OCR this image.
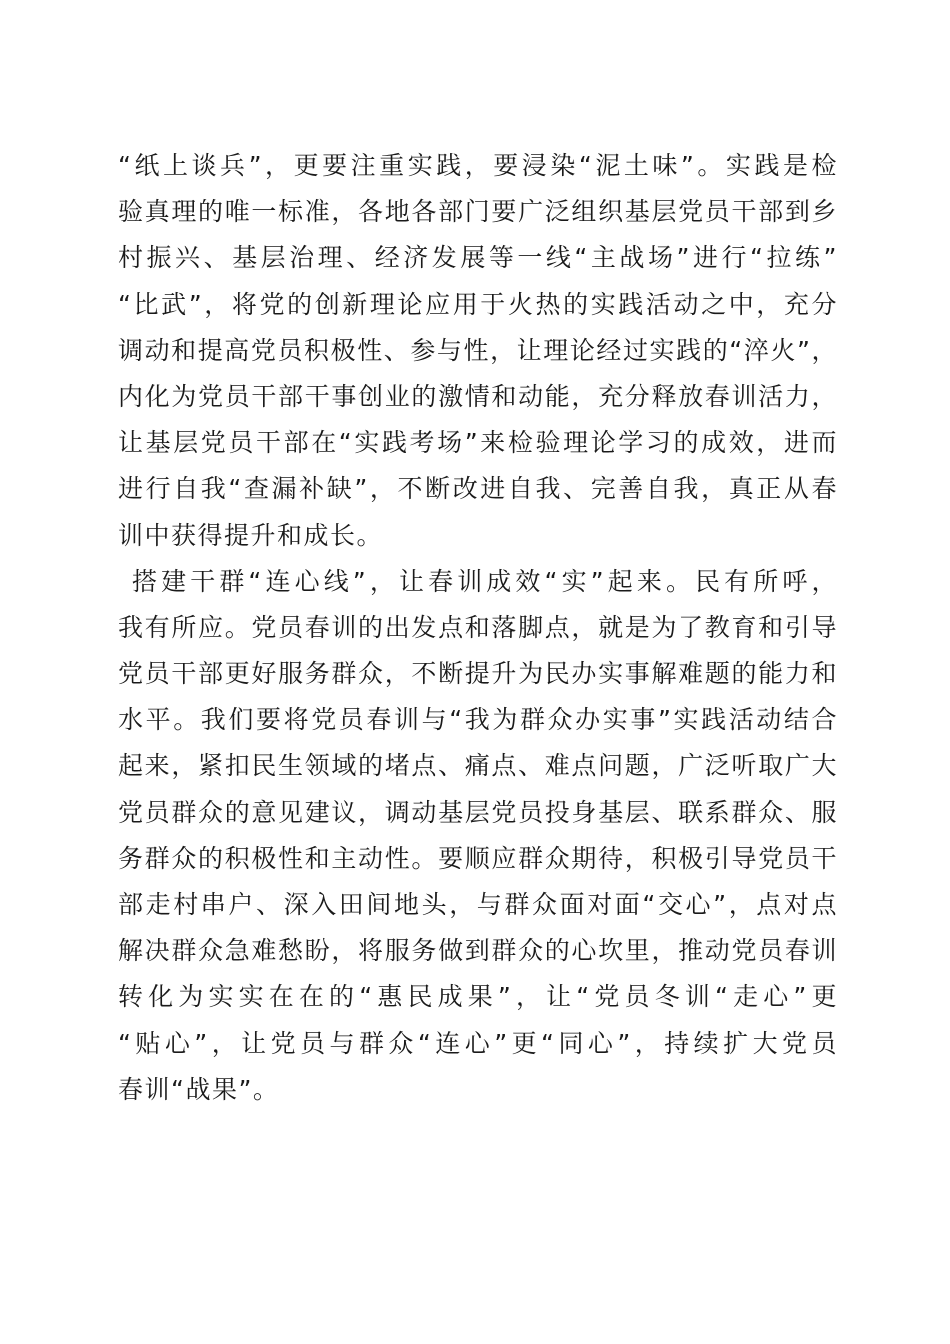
“纸上谈兵”，更要注重实践，要浸染“泥土味”。实践是检
验真理的唯一标准，各地各部门要广泛组织基层党员干部到乡
村振兴、基层治理、经济发展等一线“主战场”进行“拉练”
“比武”，将党的创新理论应用于火热的实践活动之中，充分
调动和提高党员积极性、参与性，让理论经过实践的“淬火”，
内化为党员干部干事创业的激情和动能，充分释放春训活力，
让基层党员干部在“实践考场”来检验理论学习的成效，进而
进行自我“查漏补缺”，不断改进自我、完善自我，真正从春
训中获得提升和成长。
搭建干群“连心线”，让春训成效“实”起来。民有所呼，
我有所应。党员春训的出发点和落脚点，就是为了教育和引导
党员干部更好服务群众，不断提升为民办实事解难题的能力和
水平。我们要将党员春训与“我为群众办实事”实践活动结合
起来，紧扣民生领域的堵点、痛点、难点问题，广泛听取广大
党员群众的意见建议，调动基层党员投身基层、联系群众、服
务群众的积极性和主动性。要顺应群众期待，积极引导党员干
部走村串户、深入田间地头，与群众面对面“交心”，点对点
解决群众急难愁盼，将服务做到群众的心坎里，推动党员春训
转化为实实在在的“惠民成果”，让“党员冬训“走心”更
“贴心”，让党员与群众“连心”更“同心”，持续扩大党员
春训“战果”。
